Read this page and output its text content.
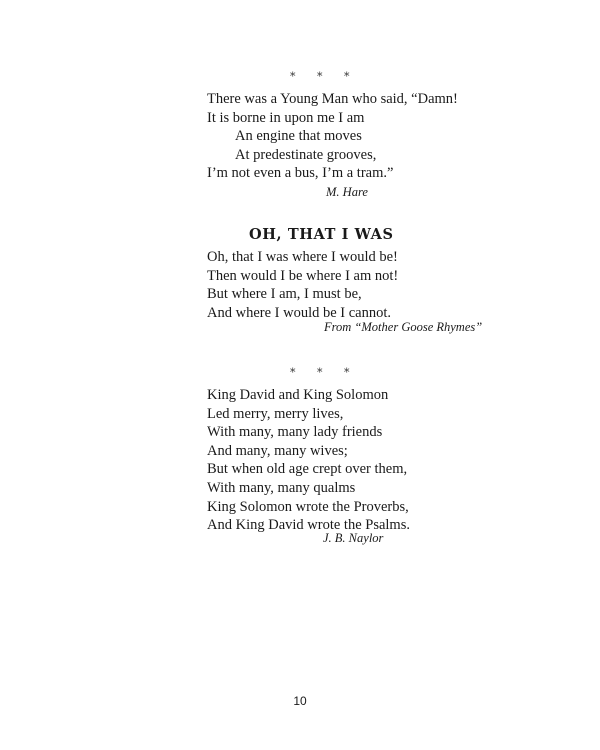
* * *
There was a Young Man who said, “Damn!
It is borne in upon me I am
An engine that moves
At predestinate grooves,
I’m not even a bus, I’m a tram.”
M. Hare
OH, THAT I WAS
Oh, that I was where I would be!
Then would I be where I am not!
But where I am, I must be,
And where I would be I cannot.
From “Mother Goose Rhymes”
* * *
King David and King Solomon
Led merry, merry lives,
With many, many lady friends
And many, many wives;
But when old age crept over them,
With many, many qualms
King Solomon wrote the Proverbs,
And King David wrote the Psalms.
J. B. Naylor
10
